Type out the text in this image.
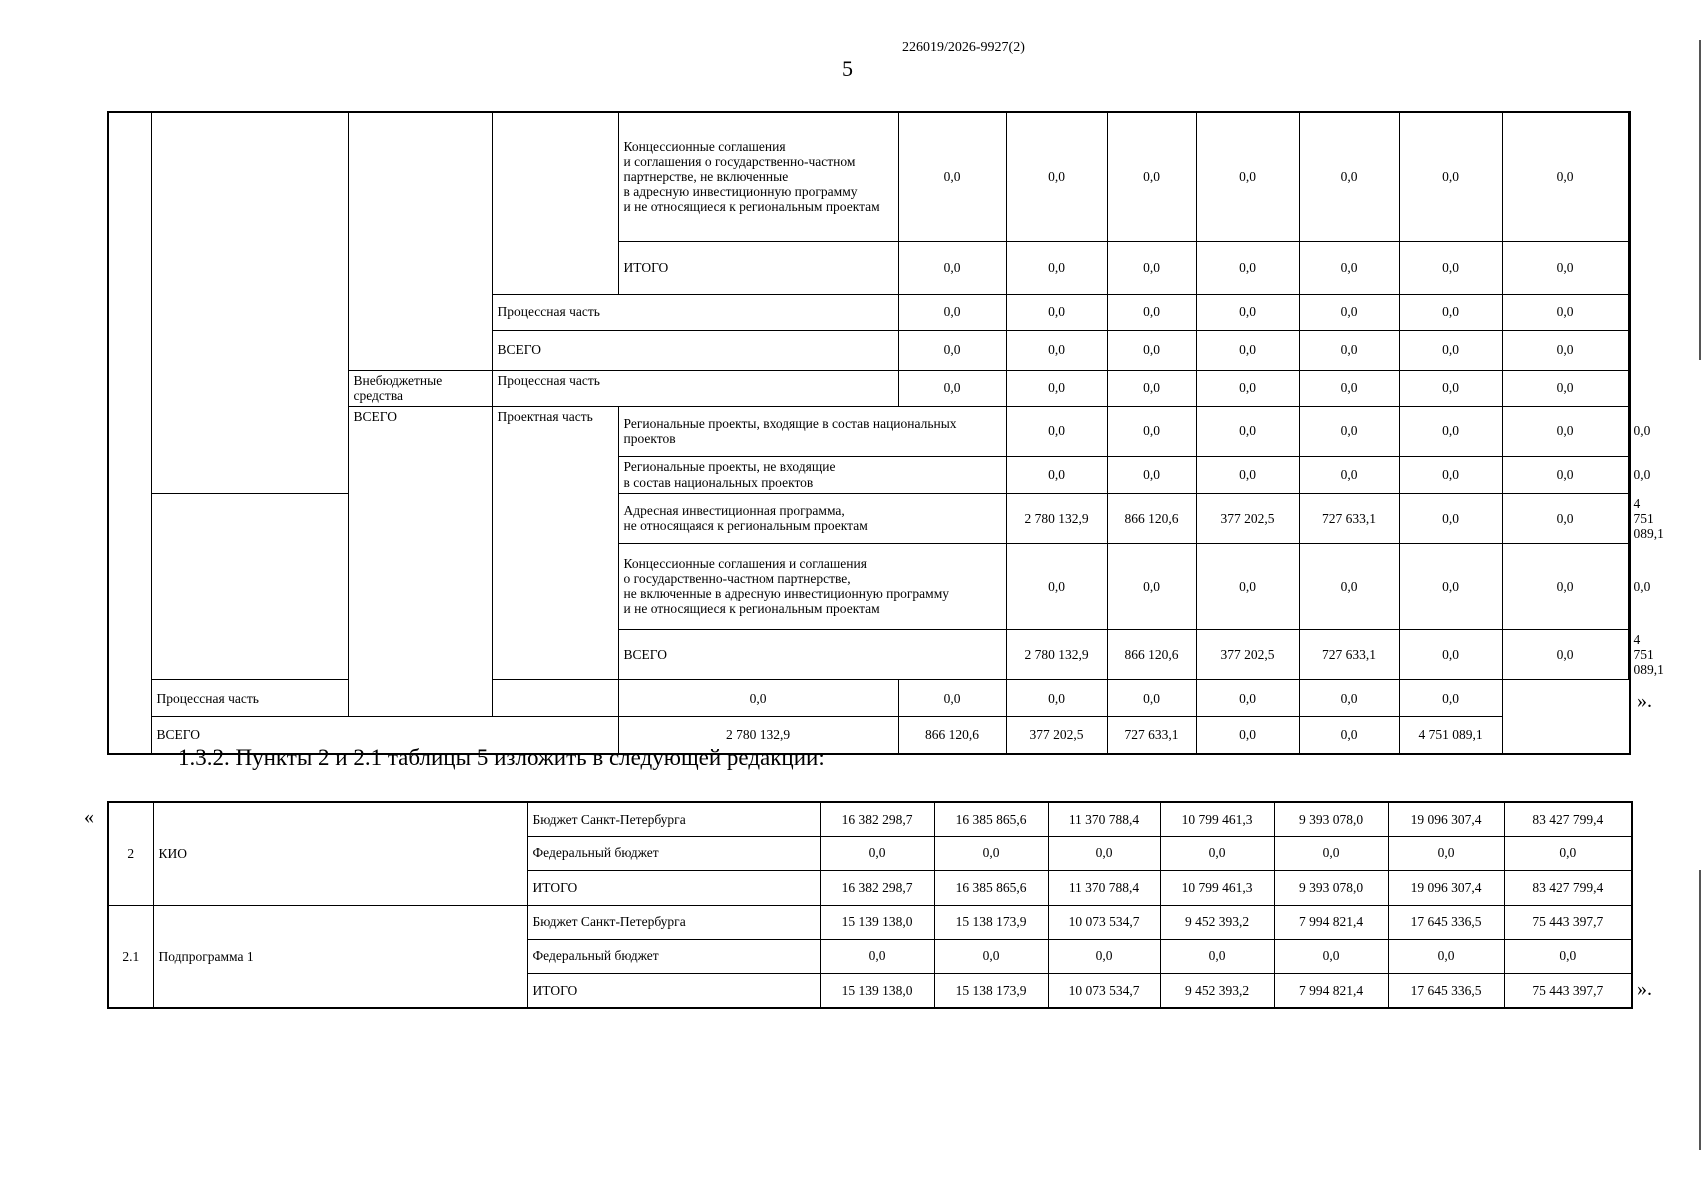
226019/2026-9927(2)
5
				Концессионные соглашения
и соглашения о государственно-частном партнерстве, не включенные
в адресную инвестиционную программу
и не относящиеся к региональным проектам	0,0	0,0	0,0	0,0	0,0	0,0	0,0	
				ИТОГО	0,0	0,0	0,0	0,0	0,0	0,0	0,0	
			Процессная часть		0,0	0,0	0,0	0,0	0,0	0,0	0,0	
			ВСЕГО		0,0	0,0	0,0	0,0	0,0	0,0	0,0	
		Внебюджетные средства	Процессная часть		0,0	0,0	0,0	0,0	0,0	0,0	0,0	
		ВСЕГО	Проектная часть	Региональные проекты, входящие в состав национальных проектов		0,0	0,0	0,0	0,0	0,0	0,0	0,0
				Региональные проекты, не входящие
в состав национальных проектов		0,0	0,0	0,0	0,0	0,0	0,0	0,0
				Адресная инвестиционная программа,
не относящаяся к региональным проектам		2 780 132,9	866 120,6	377 202,5	727 633,1	0,0	0,0	4 751 089,1
				Концессионные соглашения и соглашения
о государственно-частном партнерстве,
не включенные в адресную инвестиционную программу
и не относящиеся к региональным проектам		0,0	0,0	0,0	0,0	0,0	0,0	0,0
				ВСЕГО		2 780 132,9	866 120,6	377 202,5	727 633,1	0,0	0,0	4 751 089,1
	Процессная часть			0,0	0,0	0,0	0,0	0,0	0,0	0,0		
	ВСЕГО			2 780 132,9	866 120,6	377 202,5	727 633,1	0,0	0,0	4 751 089,1		
».
1.3.2. Пункты 2 и 2.1 таблицы 5 изложить в следующей редакции:
«
2	КИО	Бюджет Санкт-Петербурга	16 382 298,7	16 385 865,6	11 370 788,4	10 799 461,3	9 393 078,0	19 096 307,4	83 427 799,4
		Федеральный бюджет	0,0	0,0	0,0	0,0	0,0	0,0	0,0
		ИТОГО	16 382 298,7	16 385 865,6	11 370 788,4	10 799 461,3	9 393 078,0	19 096 307,4	83 427 799,4
2.1	Подпрограмма 1	Бюджет Санкт-Петербурга	15 139 138,0	15 138 173,9	10 073 534,7	9 452 393,2	7 994 821,4	17 645 336,5	75 443 397,7
		Федеральный бюджет	0,0	0,0	0,0	0,0	0,0	0,0	0,0
		ИТОГО	15 139 138,0	15 138 173,9	10 073 534,7	9 452 393,2	7 994 821,4	17 645 336,5	75 443 397,7 ».
